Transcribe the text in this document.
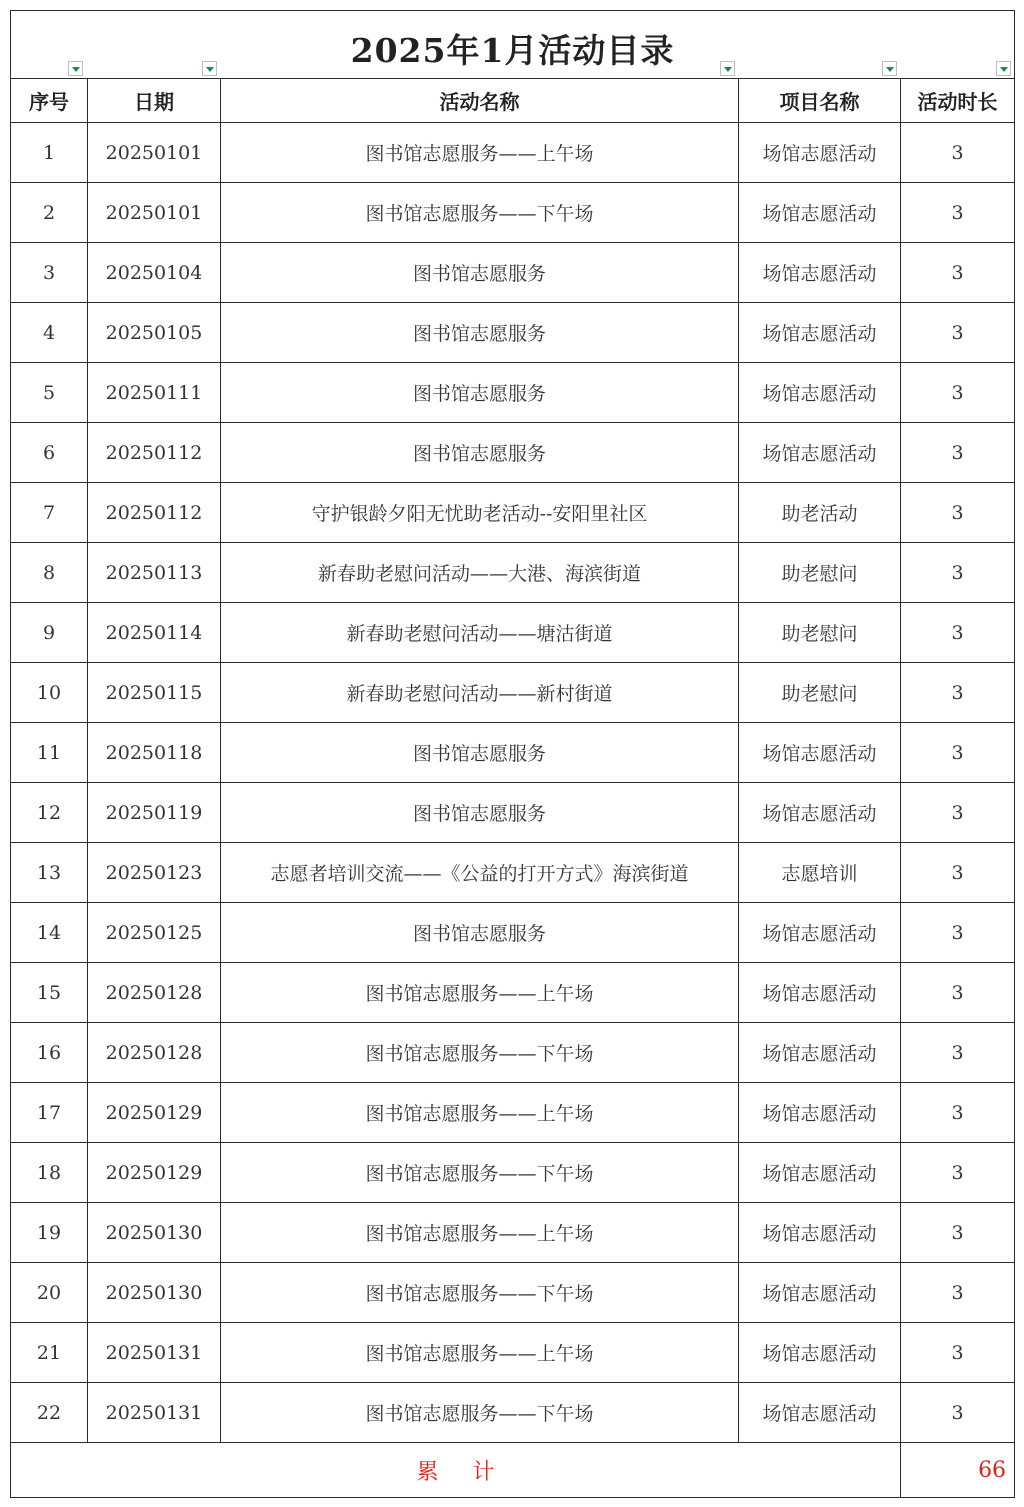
2025年1月活动目录				

序号	日期	活动名称	项目名称	活动时长
1	20250101	图书馆志愿服务——上午场	场馆志愿活动	3
2	20250101	图书馆志愿服务——下午场	场馆志愿活动	3
3	20250104	图书馆志愿服务	场馆志愿活动	3
4	20250105	图书馆志愿服务	场馆志愿活动	3
5	20250111	图书馆志愿服务	场馆志愿活动	3
6	20250112	图书馆志愿服务	场馆志愿活动	3
7	20250112	守护银龄夕阳无忧助老活动--安阳里社区	助老活动	3
8	20250113	新春助老慰问活动——大港、海滨街道	助老慰问	3
9	20250114	新春助老慰问活动——塘沽街道	助老慰问	3
10	20250115	新春助老慰问活动——新村街道	助老慰问	3
11	20250118	图书馆志愿服务	场馆志愿活动	3
12	20250119	图书馆志愿服务	场馆志愿活动	3
13	20250123	志愿者培训交流——《公益的打开方式》海滨街道	志愿培训	3
14	20250125	图书馆志愿服务	场馆志愿活动	3
15	20250128	图书馆志愿服务——上午场	场馆志愿活动	3
16	20250128	图书馆志愿服务——下午场	场馆志愿活动	3
17	20250129	图书馆志愿服务——上午场	场馆志愿活动	3
18	20250129	图书馆志愿服务——下午场	场馆志愿活动	3
19	20250130	图书馆志愿服务——上午场	场馆志愿活动	3
20	20250130	图书馆志愿服务——下午场	场馆志愿活动	3
21	20250131	图书馆志愿服务——上午场	场馆志愿活动	3
22	20250131	图书馆志愿服务——下午场	场馆志愿活动	3
累计				66
